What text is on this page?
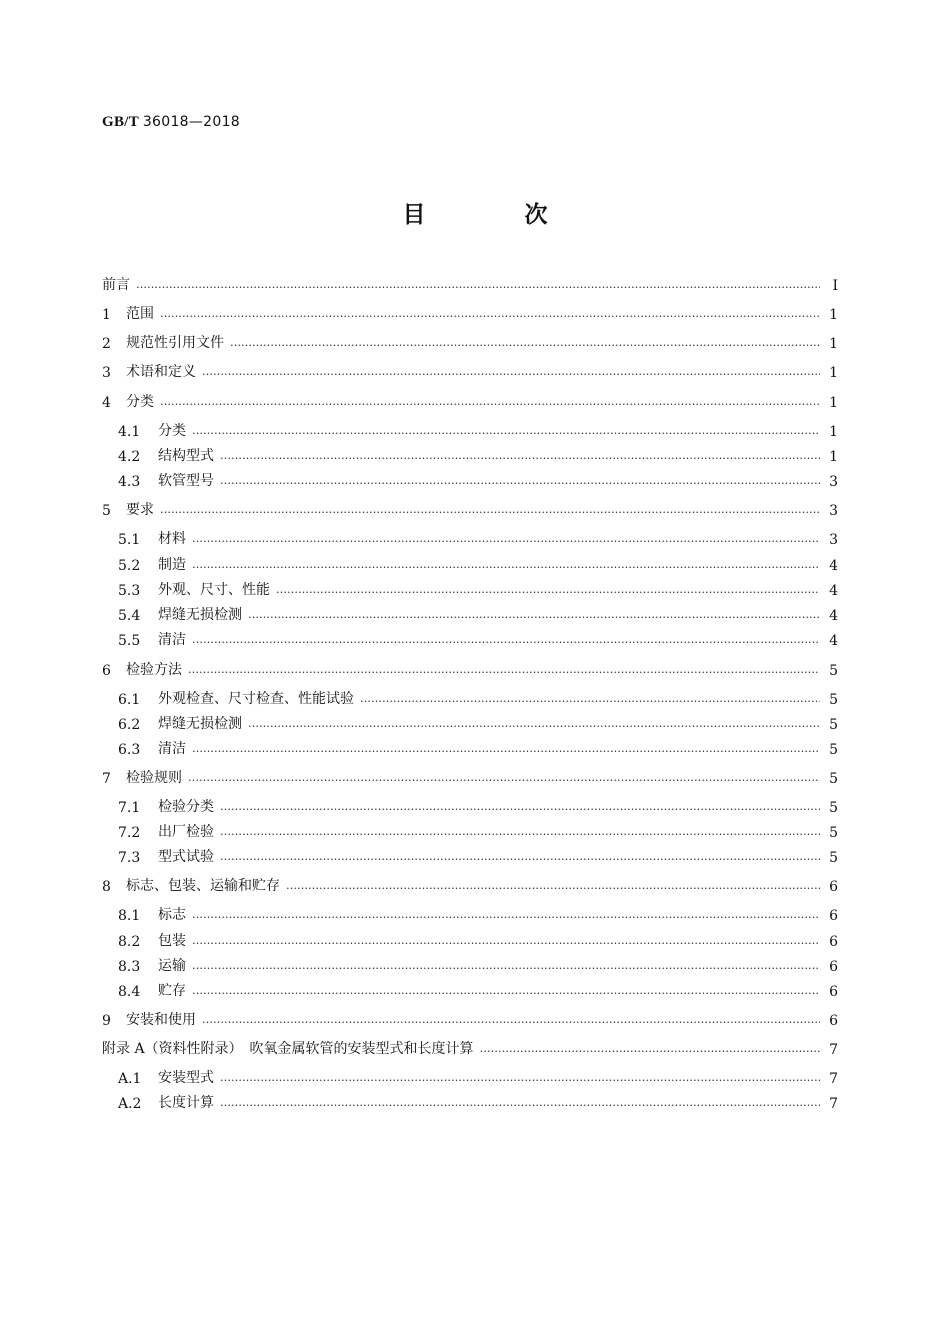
GB/T 36018—2018
目　次
前言 …………………………………………………………………………………………………………………………………………………………………………………………………………………………	Ⅰ
1	范围 …………………………………………………………………………………………………………………………………………………………………………………………………………………………	1
2	规范性引用文件 …………………………………………………………………………………………………………………………………………………………………………………………………………………………	1
3	术语和定义 …………………………………………………………………………………………………………………………………………………………………………………………………………………………	1
4	分类 …………………………………………………………………………………………………………………………………………………………………………………………………………………………	1
4.1	分类 …………………………………………………………………………………………………………………………………………………………………………………………………………………………	1
4.2	结构型式 …………………………………………………………………………………………………………………………………………………………………………………………………………………………	1
4.3	软管型号 …………………………………………………………………………………………………………………………………………………………………………………………………………………………	3
5	要求 …………………………………………………………………………………………………………………………………………………………………………………………………………………………	3
5.1	材料 …………………………………………………………………………………………………………………………………………………………………………………………………………………………	3
5.2	制造 …………………………………………………………………………………………………………………………………………………………………………………………………………………………	4
5.3	外观、尺寸、性能 …………………………………………………………………………………………………………………………………………………………………………………………………………………………	4
5.4	焊缝无损检测 …………………………………………………………………………………………………………………………………………………………………………………………………………………………	4
5.5	清洁 …………………………………………………………………………………………………………………………………………………………………………………………………………………………	4
6	检验方法 …………………………………………………………………………………………………………………………………………………………………………………………………………………………	5
6.1	外观检查、尺寸检查、性能试验 …………………………………………………………………………………………………………………………………………………………………………………………………………………………	5
6.2	焊缝无损检测 …………………………………………………………………………………………………………………………………………………………………………………………………………………………	5
6.3	清洁 …………………………………………………………………………………………………………………………………………………………………………………………………………………………	5
7	检验规则 …………………………………………………………………………………………………………………………………………………………………………………………………………………………	5
7.1	检验分类 …………………………………………………………………………………………………………………………………………………………………………………………………………………………	5
7.2	出厂检验 …………………………………………………………………………………………………………………………………………………………………………………………………………………………	5
7.3	型式试验 …………………………………………………………………………………………………………………………………………………………………………………………………………………………	5
8	标志、包装、运输和贮存 …………………………………………………………………………………………………………………………………………………………………………………………………………………………	6
8.1	标志 …………………………………………………………………………………………………………………………………………………………………………………………………………………………	6
8.2	包装 …………………………………………………………………………………………………………………………………………………………………………………………………………………………	6
8.3	运输 …………………………………………………………………………………………………………………………………………………………………………………………………………………………	6
8.4	贮存 …………………………………………………………………………………………………………………………………………………………………………………………………………………………	6
9	安装和使用 …………………………………………………………………………………………………………………………………………………………………………………………………………………………	6
附录 A（资料性附录）　吹氧金属软管的安装型式和长度计算 …………………………………………………………………………………………………………………………………………………………………………………………………………………………	7
A.1	安装型式 …………………………………………………………………………………………………………………………………………………………………………………………………………………………	7
A.2	长度计算 …………………………………………………………………………………………………………………………………………………………………………………………………………………………	7
